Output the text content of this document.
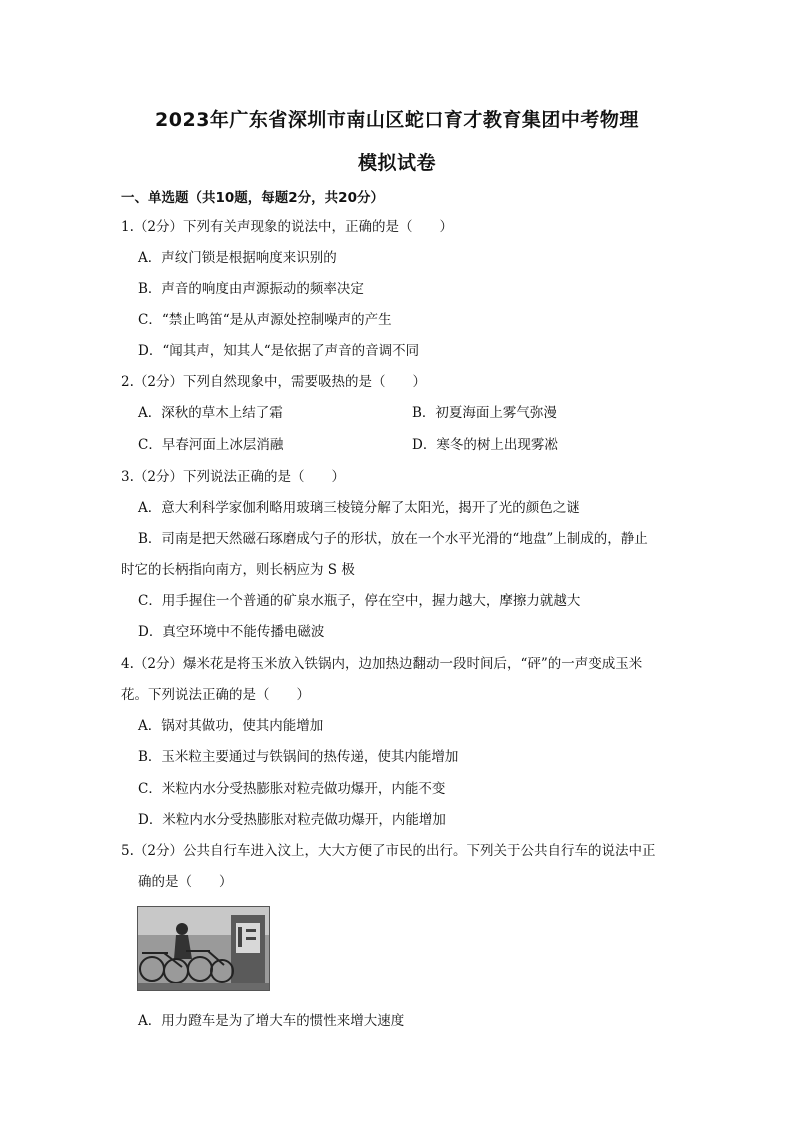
2023年广东省深圳市南山区蛇口育才教育集团中考物理
模拟试卷
一、单选题（共10题，每题2分，共20分）
1.（2分）下列有关声现象的说法中，正确的是（　　）
A．声纹门锁是根据响度来识别的
B．声音的响度由声源振动的频率决定
C．“禁止鸣笛“是从声源处控制噪声的产生
D．“闻其声，知其人“是依据了声音的音调不同
2.（2分）下列自然现象中，需要吸热的是（　　）
A．深秋的草木上结了霜	B．初夏海面上雾气弥漫
C．早春河面上冰层消融	D．寒冬的树上出现雾凇
3.（2分）下列说法正确的是（　　）
A．意大利科学家伽利略用玻璃三棱镜分解了太阳光，揭开了光的颜色之谜
B．司南是把天然磁石琢磨成勺子的形状，放在一个水平光滑的“地盘”上制成的，静止
时它的长柄指向南方，则长柄应为 S 极
C．用手握住一个普通的矿泉水瓶子，停在空中，握力越大，摩擦力就越大
D．真空环境中不能传播电磁波
4.（2分）爆米花是将玉米放入铁锅内，边加热边翻动一段时间后，“砰”的一声变成玉米
花。下列说法正确的是（　　）
A．锅对其做功，使其内能增加
B．玉米粒主要通过与铁锅间的热传递，使其内能增加
C．米粒内水分受热膨胀对粒壳做功爆开，内能不变
D．米粒内水分受热膨胀对粒壳做功爆开，内能增加
5.（2分）公共自行车进入汶上，大大方便了市民的出行。下列关于公共自行车的说法中正
确的是（　　）
A．用力蹬车是为了增大车的惯性来增大速度
